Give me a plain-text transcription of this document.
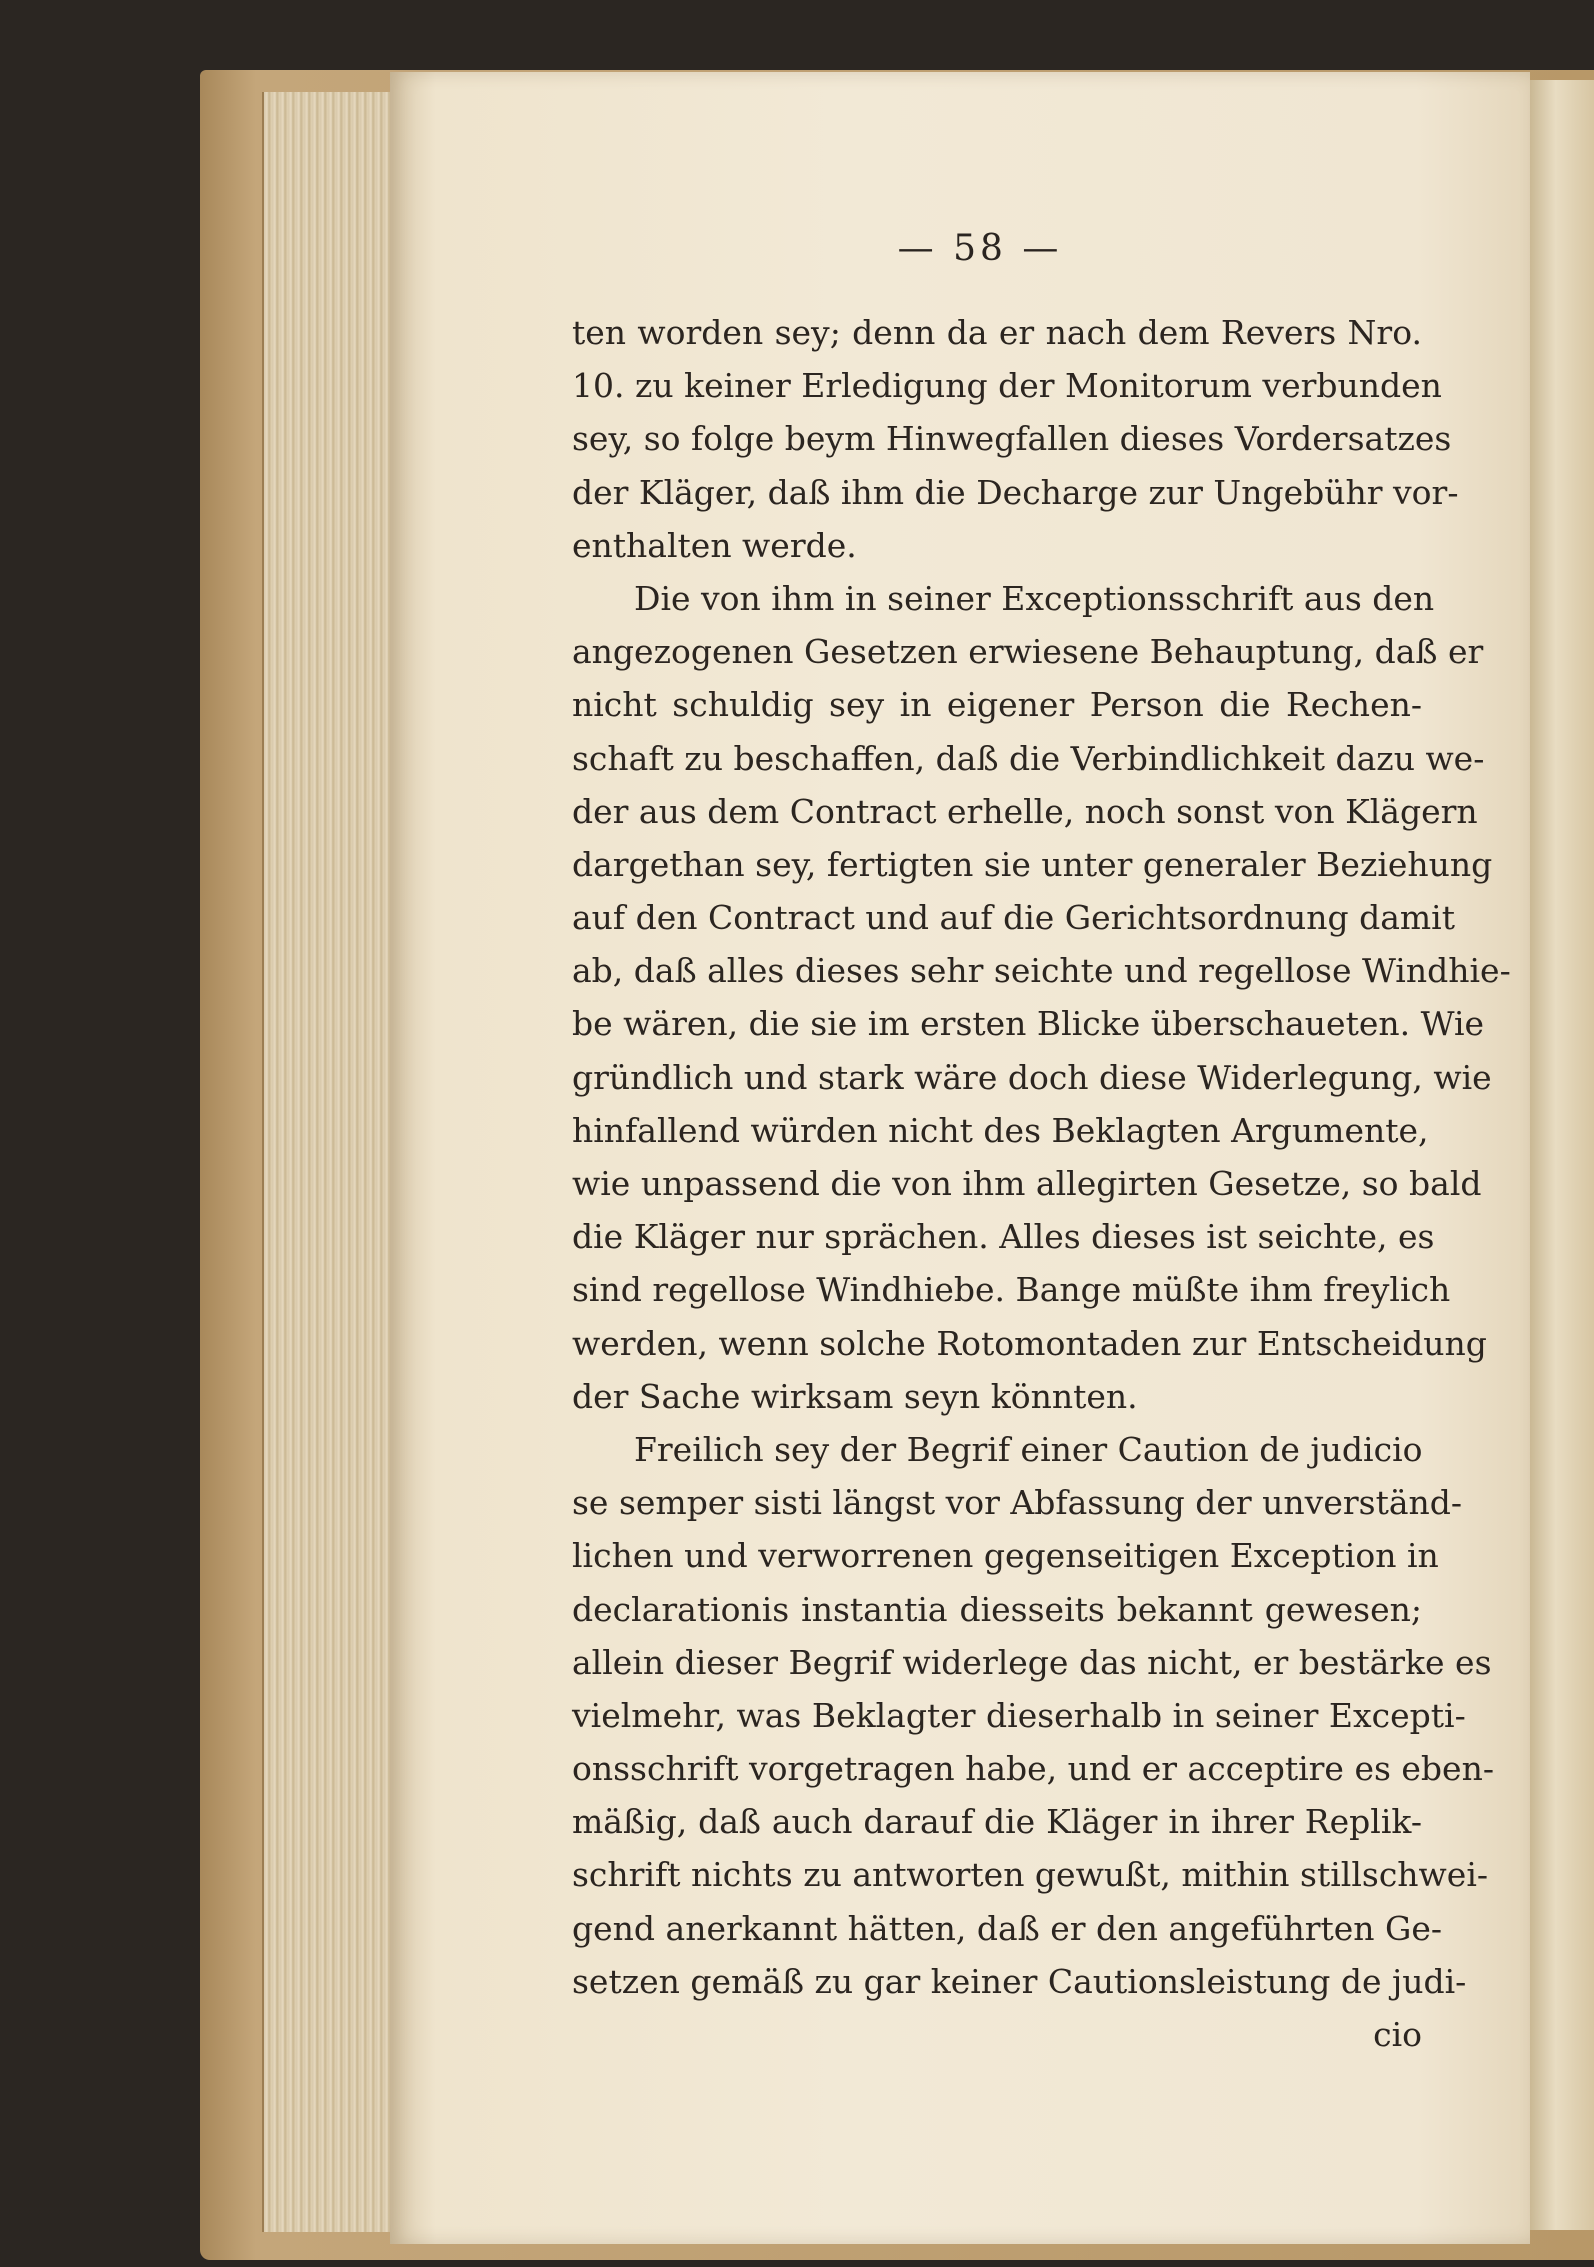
— 58 —
ten worden sey; denn da er nach dem Revers Nro.
10. zu keiner Erledigung der Monitorum verbunden
sey, so folge beym Hinwegfallen dieses Vordersatzes
der Kläger, daß ihm die Decharge zur Ungebühr vor-
enthalten werde.
Die von ihm in seiner Exceptionsschrift aus den
angezogenen Gesetzen erwiesene Behauptung, daß er
nicht schuldig sey in eigener Person die Rechen-
schaft zu beschaffen, daß die Verbindlichkeit dazu we-
der aus dem Contract erhelle, noch sonst von Klägern
dargethan sey, fertigten sie unter generaler Beziehung
auf den Contract und auf die Gerichtsordnung damit
ab, daß alles dieses sehr seichte und regellose Windhie-
be wären, die sie im ersten Blicke überschaueten. Wie
gründlich und stark wäre doch diese Widerlegung, wie
hinfallend würden nicht des Beklagten Argumente,
wie unpassend die von ihm allegirten Gesetze, so bald
die Kläger nur sprächen. Alles dieses ist seichte, es
sind regellose Windhiebe. Bange müßte ihm freylich
werden, wenn solche Rotomontaden zur Entscheidung
der Sache wirksam seyn könnten.
Freilich sey der Begrif einer Caution de judicio
se semper sisti längst vor Abfassung der unverständ-
lichen und verworrenen gegenseitigen Exception in
declarationis instantia diesseits bekannt gewesen;
allein dieser Begrif widerlege das nicht, er bestärke es
vielmehr, was Beklagter dieserhalb in seiner Excepti-
onsschrift vorgetragen habe, und er acceptire es eben-
mäßig, daß auch darauf die Kläger in ihrer Replik-
schrift nichts zu antworten gewußt, mithin stillschwei-
gend anerkannt hätten, daß er den angeführten Ge-
setzen gemäß zu gar keiner Cautionsleistung de judi-
cio
